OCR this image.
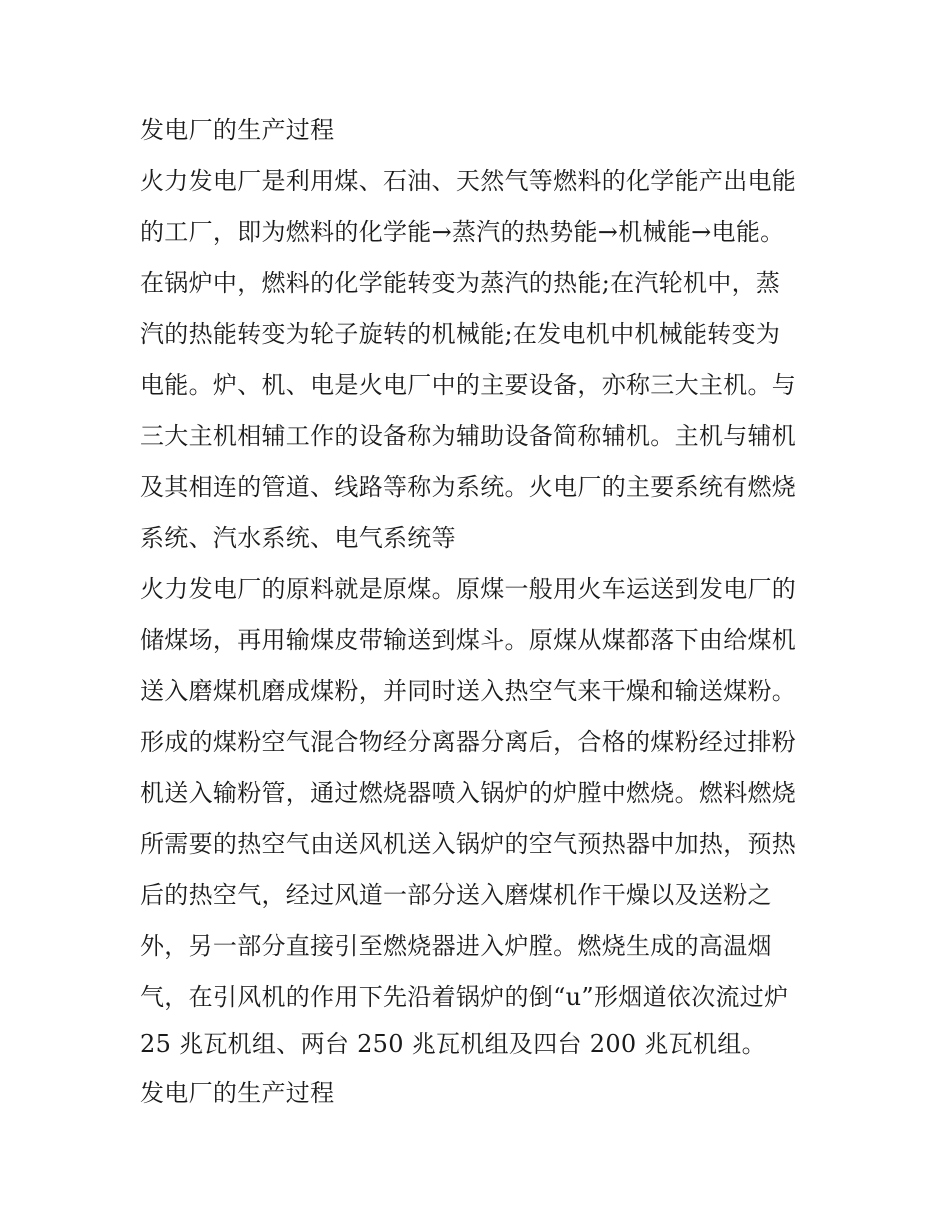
发电厂的生产过程
火力发电厂是利用煤、石油、天然气等燃料的化学能产出电能
的工厂，即为燃料的化学能→蒸汽的热势能→机械能→电能。
在锅炉中，燃料的化学能转变为蒸汽的热能;在汽轮机中，蒸
汽的热能转变为轮子旋转的机械能;在发电机中机械能转变为
电能。炉、机、电是火电厂中的主要设备，亦称三大主机。与
三大主机相辅工作的设备称为辅助设备简称辅机。主机与辅机
及其相连的管道、线路等称为系统。火电厂的主要系统有燃烧
系统、汽水系统、电气系统等
火力发电厂的原料就是原煤。原煤一般用火车运送到发电厂的
储煤场，再用输煤皮带输送到煤斗。原煤从煤都落下由给煤机
送入磨煤机磨成煤粉，并同时送入热空气来干燥和输送煤粉。
形成的煤粉空气混合物经分离器分离后，合格的煤粉经过排粉
机送入输粉管，通过燃烧器喷入锅炉的炉膛中燃烧。燃料燃烧
所需要的热空气由送风机送入锅炉的空气预热器中加热，预热
后的热空气，经过风道一部分送入磨煤机作干燥以及送粉之
外，另一部分直接引至燃烧器进入炉膛。燃烧生成的高温烟
气，在引风机的作用下先沿着锅炉的倒“u”形烟道依次流过炉
25 兆瓦机组、两台 250 兆瓦机组及四台 200 兆瓦机组。
发电厂的生产过程
